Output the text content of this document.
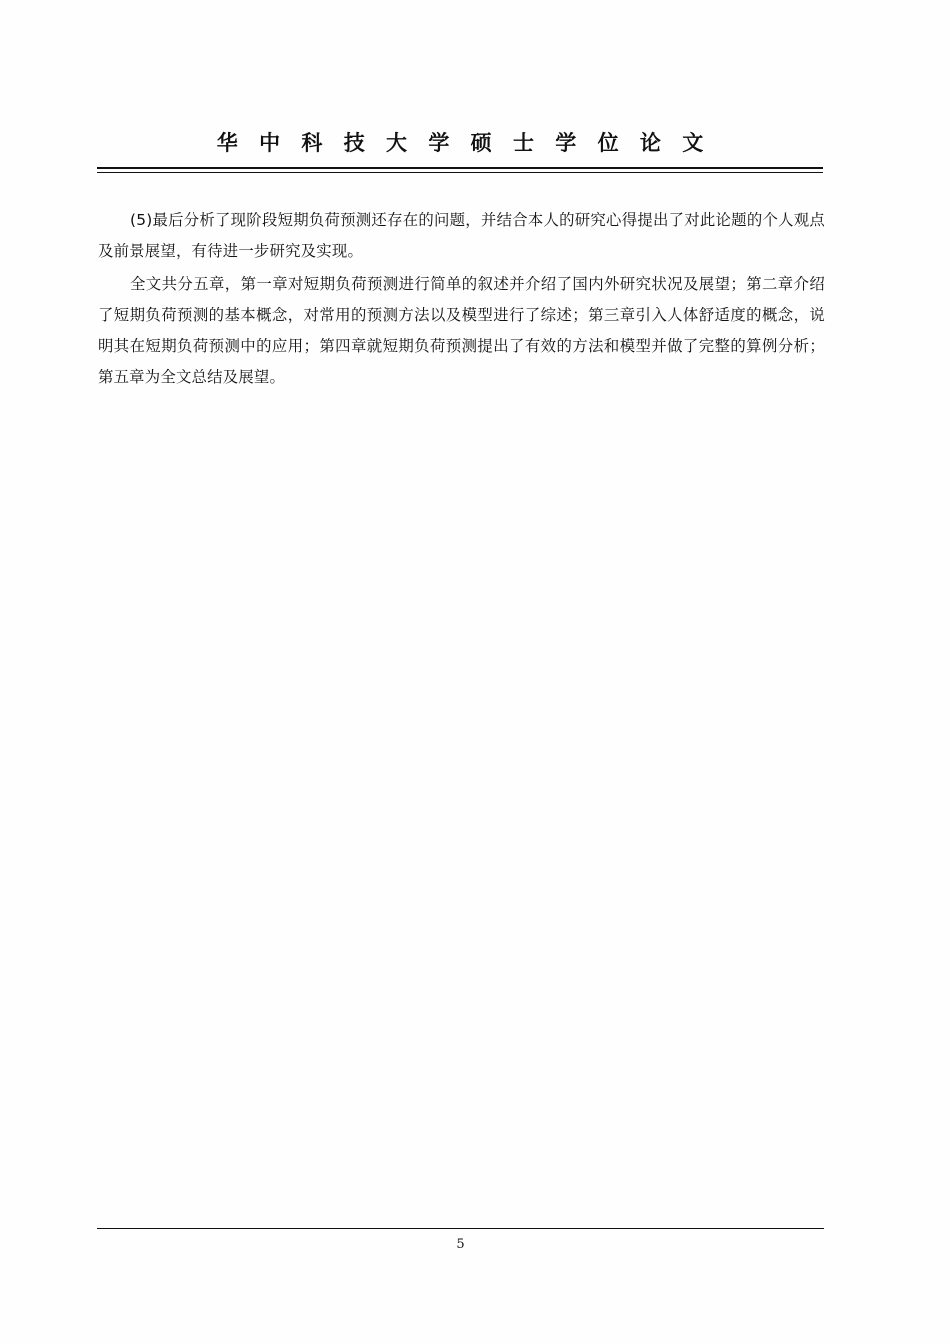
华 中 科 技 大 学 硕 士 学 位 论 文

(5)最后分析了现阶段短期负荷预测还存在的问题，并结合本人的研究心得提出了对此论题的个人观点及前景展望，有待进一步研究及实现。

全文共分五章，第一章对短期负荷预测进行简单的叙述并介绍了国内外研究状况及展望；第二章介绍了短期负荷预测的基本概念，对常用的预测方法以及模型进行了综述；第三章引入人体舒适度的概念，说明其在短期负荷预测中的应用；第四章就短期负荷预测提出了有效的方法和模型并做了完整的算例分析；第五章为全文总结及展望。

5
